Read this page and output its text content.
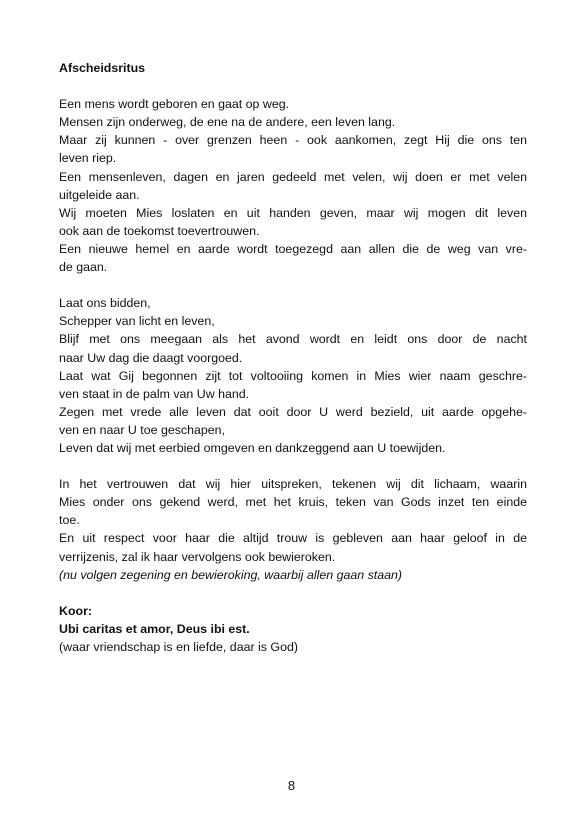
Afscheidsritus
Een mens wordt geboren en gaat op weg.
Mensen zijn onderweg, de ene na de andere, een leven lang.
Maar zij kunnen - over grenzen heen - ook aankomen, zegt Hij die ons ten
leven riep.
Een mensenleven, dagen en jaren gedeeld met velen, wij doen er met velen
uitgeleide aan.
Wij moeten Mies loslaten en uit handen geven, maar wij mogen dit leven
ook aan de toekomst toevertrouwen.
Een nieuwe hemel en aarde wordt toegezegd aan allen die de weg van vre-
de gaan.
Laat ons bidden,
Schepper van licht en leven,
Blijf met ons meegaan als het avond wordt en leidt ons door de nacht
naar Uw dag die daagt voorgoed.
Laat wat Gij begonnen zijt tot voltooiing komen in Mies wier naam geschre-
ven staat in de palm van Uw hand.
Zegen met vrede alle leven dat ooit door U werd bezield, uit aarde opgehe-
ven en naar U toe geschapen,
Leven dat wij met eerbied omgeven en dankzeggend aan U toewijden.
In het vertrouwen dat wij hier uitspreken, tekenen wij dit lichaam, waarin
Mies onder ons gekend werd, met het kruis, teken van Gods inzet ten einde
toe.
En uit respect voor haar die altijd trouw is gebleven aan haar geloof in de
verrijzenis, zal ik haar vervolgens ook bewieroken.
(nu volgen zegening en bewieroking, waarbij allen gaan staan)
Koor:
Ubi caritas et amor, Deus ibi est.
(waar vriendschap is en liefde, daar is God)
8
